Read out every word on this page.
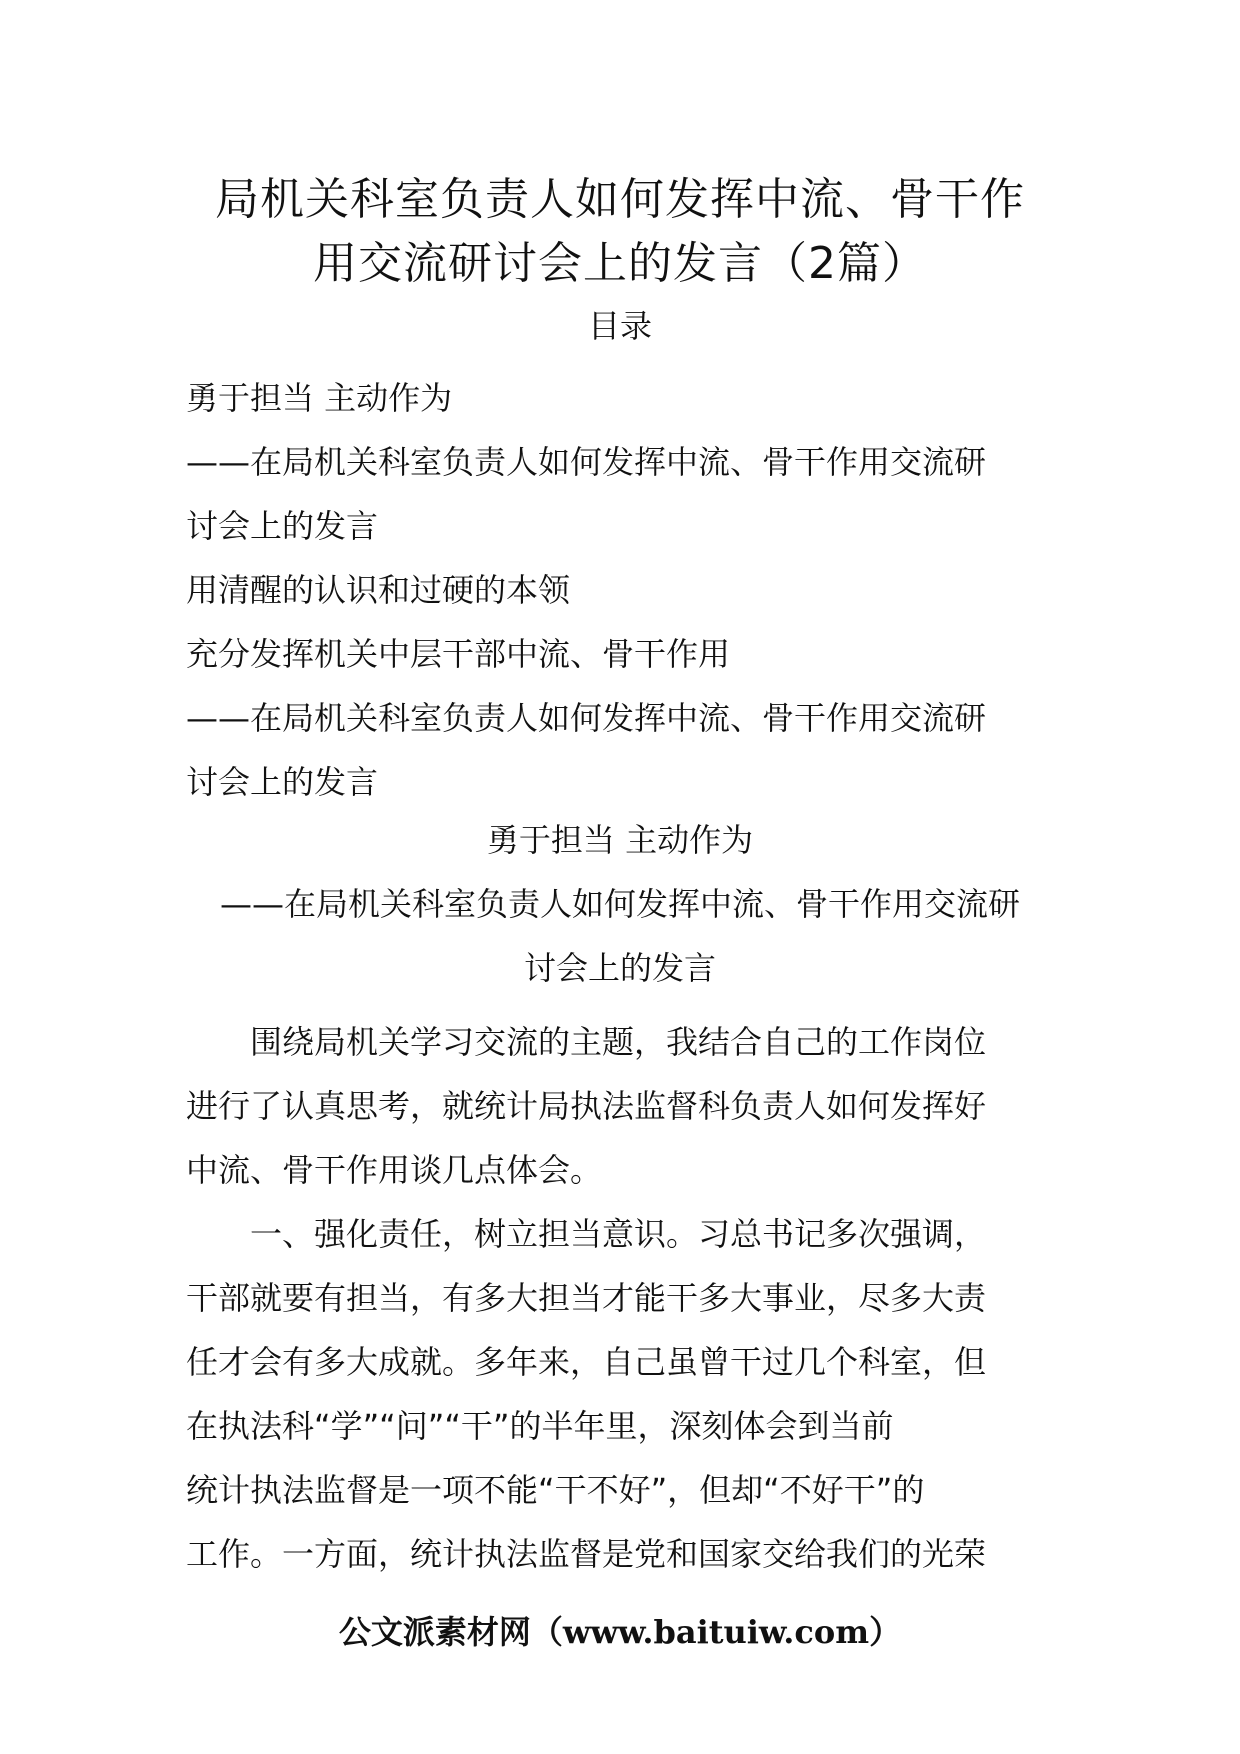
局机关科室负责人如何发挥中流、骨干作
用交流研讨会上的发言（2篇）
目录
勇于担当 主动作为
——在局机关科室负责人如何发挥中流、骨干作用交流研
讨会上的发言
用清醒的认识和过硬的本领
充分发挥机关中层干部中流、骨干作用
——在局机关科室负责人如何发挥中流、骨干作用交流研
讨会上的发言
勇于担当 主动作为
——在局机关科室负责人如何发挥中流、骨干作用交流研
讨会上的发言
围绕局机关学习交流的主题，我结合自己的工作岗位
进行了认真思考，就统计局执法监督科负责人如何发挥好
中流、骨干作用谈几点体会。
一、强化责任，树立担当意识。习总书记多次强调，
干部就要有担当，有多大担当才能干多大事业，尽多大责
任才会有多大成就。多年来，自己虽曾干过几个科室，但
在执法科“学”“问”“干”的半年里，深刻体会到当前
统计执法监督是一项不能“干不好”，但却“不好干”的
工作。一方面，统计执法监督是党和国家交给我们的光荣
公文派素材网（www.baituiw.com）
